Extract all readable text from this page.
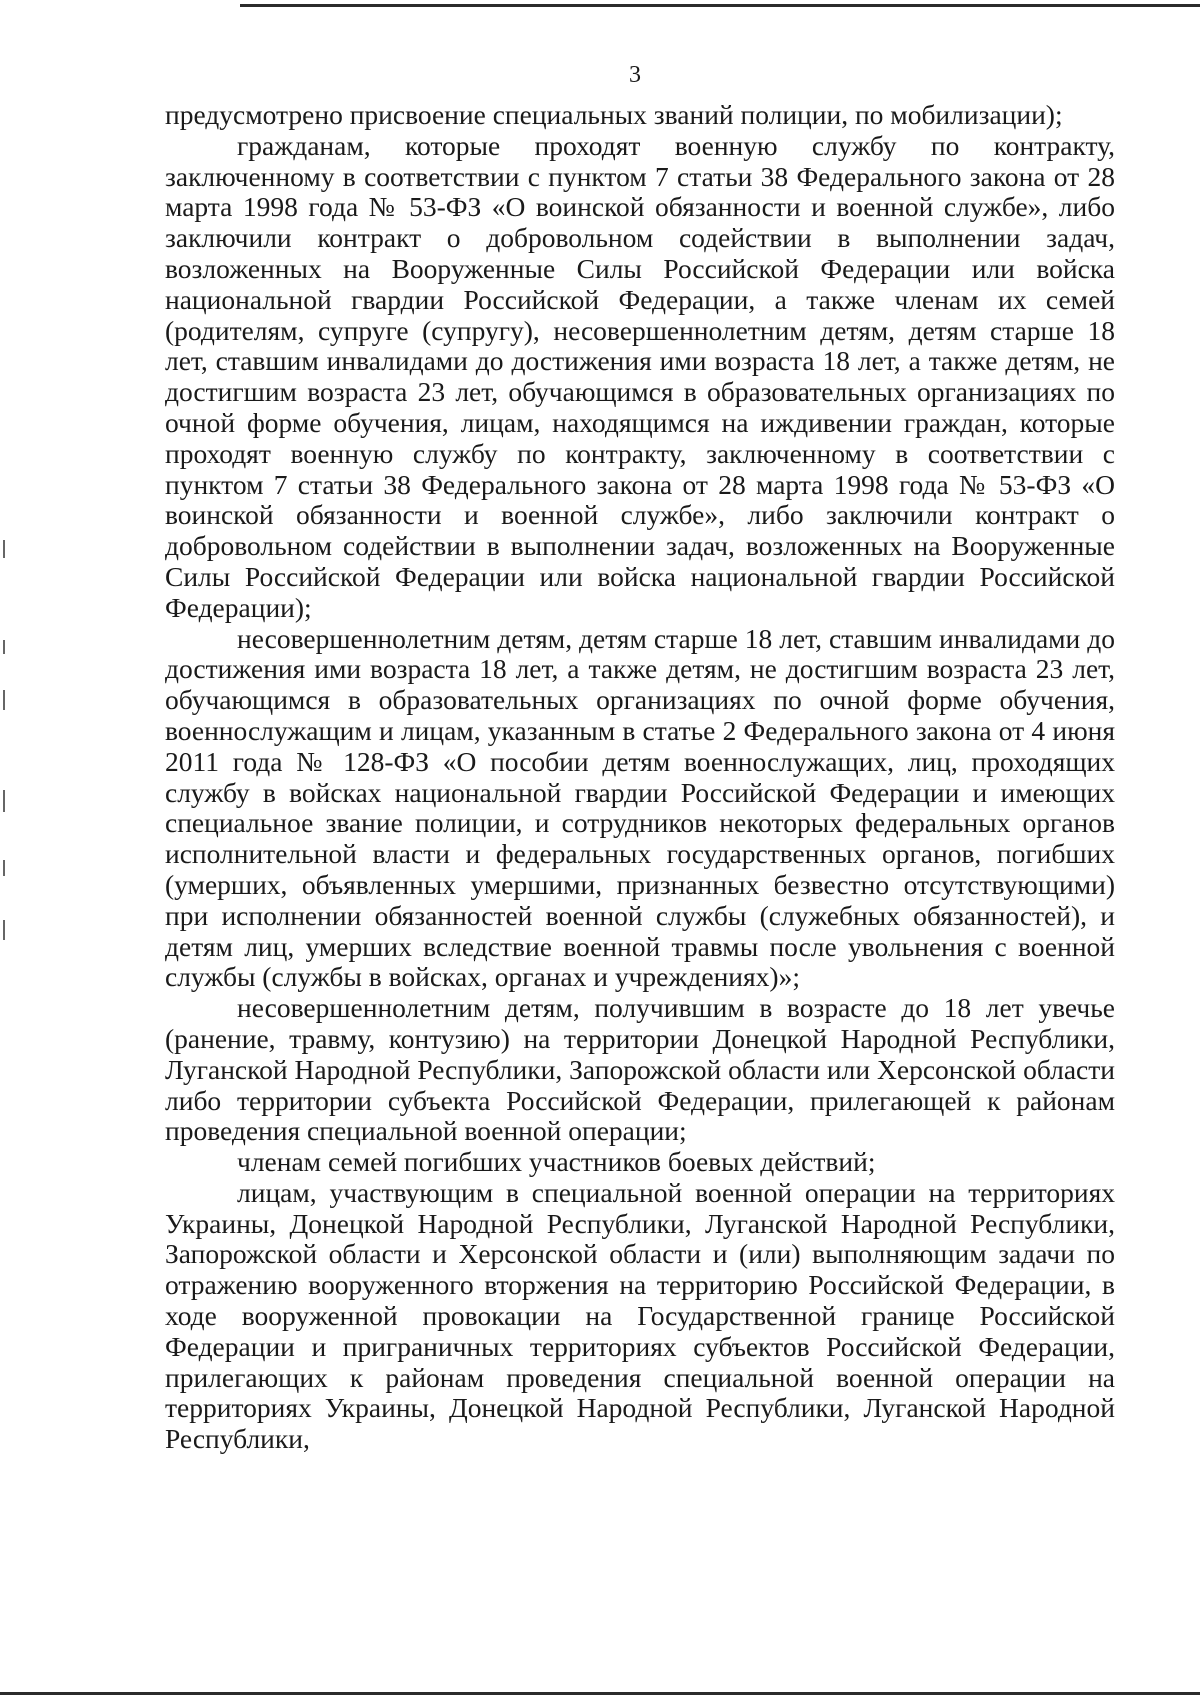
3

предусмотрено присвоение специальных званий полиции, по мобилизации);

гражданам, которые проходят военную службу по контракту, заключенному в соответствии с пунктом 7 статьи 38 Федерального закона от 28 марта 1998 года № 53-ФЗ «О воинской обязанности и военной службе», либо заключили контракт о добровольном содействии в выполнении задач, возложенных на Вооруженные Силы Российской Федерации или войска национальной гвардии Российской Федерации, а также членам их семей (родителям, супруге (супругу), несовершеннолетним детям, детям старше 18 лет, ставшим инвалидами до достижения ими возраста 18 лет, а также детям, не достигшим возраста 23 лет, обучающимся в образовательных организациях по очной форме обучения, лицам, находящимся на иждивении граждан, которые проходят военную службу по контракту, заключенному в соответствии с пунктом 7 статьи 38 Федерального закона от 28 марта 1998 года № 53-ФЗ «О воинской обязанности и военной службе», либо заключили контракт о добровольном содействии в выполнении задач, возложенных на Вооруженные Силы Российской Федерации или войска национальной гвардии Российской Федерации);

несовершеннолетним детям, детям старше 18 лет, ставшим инвалидами до достижения ими возраста 18 лет, а также детям, не достигшим возраста 23 лет, обучающимся в образовательных организациях по очной форме обучения, военнослужащим и лицам, указанным в статье 2 Федерального закона от 4 июня 2011 года № 128-ФЗ «О пособии детям военнослужащих, лиц, проходящих службу в войсках национальной гвардии Российской Федерации и имеющих специальное звание полиции, и сотрудников некоторых федеральных органов исполнительной власти и федеральных государственных органов, погибших (умерших, объявленных умершими, признанных безвестно отсутствующими) при исполнении обязанностей военной службы (служебных обязанностей), и детям лиц, умерших вследствие военной травмы после увольнения с военной службы (службы в войсках, органах и учреждениях)»;

несовершеннолетним детям, получившим в возрасте до 18 лет увечье (ранение, травму, контузию) на территории Донецкой Народной Республики, Луганской Народной Республики, Запорожской области или Херсонской области либо территории субъекта Российской Федерации, прилегающей к районам проведения специальной военной операции;

членам семей погибших участников боевых действий;

лицам, участвующим в специальной военной операции на территориях Украины, Донецкой Народной Республики, Луганской Народной Республики, Запорожской области и Херсонской области и (или) выполняющим задачи по отражению вооруженного вторжения на территорию Российской Федерации, в ходе вооруженной провокации на Государственной границе Российской Федерации и приграничных территориях субъектов Российской Федерации, прилегающих к районам проведения специальной военной операции на территориях Украины, Донецкой Народной Республики, Луганской Народной Республики,
